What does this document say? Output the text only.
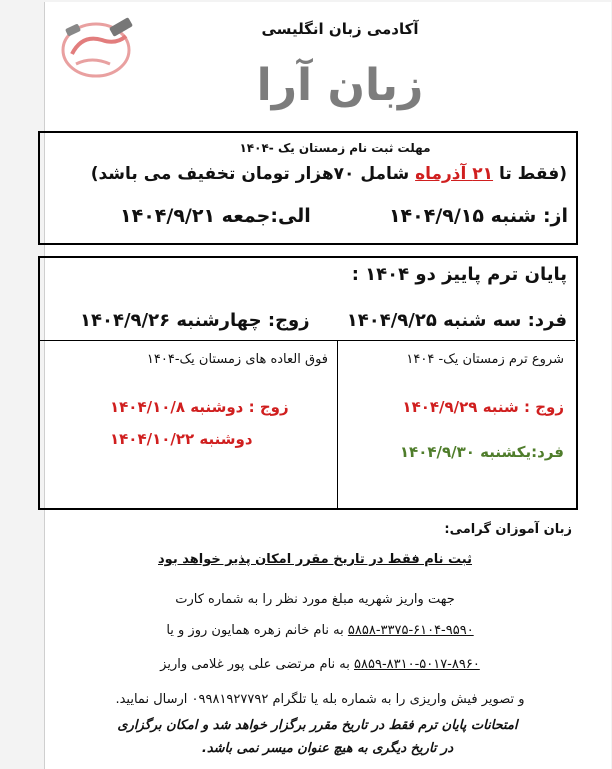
آکادمی زبان انگلیسی
زبان آرا
مهلت ثبت نام زمستان یک -۱۴۰۴
(فقط تا ۲۱ آذرماه شامل ۷۰هزار تومان تخفیف می باشد)
از: شنبه ۱۴۰۴/۹/۱۵
الی:جمعه ۱۴۰۴/۹/۲۱
پایان ترم پاییز دو ۱۴۰۴ :
فرد: سه شنبه ۱۴۰۴/۹/۲۵
زوج: چهارشنبه ۱۴۰۴/۹/۲۶
شروع ترم زمستان یک- ۱۴۰۴
زوج : شنبه ۱۴۰۴/۹/۲۹
فرد:یکشنبه ۱۴۰۴/۹/۳۰
فوق العاده های زمستان یک-۱۴۰۴
زوج : دوشنبه ۱۴۰۴/۱۰/۸
دوشنبه ۱۴۰۴/۱۰/۲۲
زبان آموزان گرامی:
ثبت نام فقط در تاریخ مقرر امکان پذیر خواهد بود
جهت واریز شهریه مبلغ مورد نظر را به شماره کارت
۵۸۵۸-۳۳۷۵-۶۱۰۴-۹۵۹۰ به نام خانم زهره همایون روز و یا
۵۸۵۹-۸۳۱۰-۵۰۱۷-۸۹۶۰ به نام مرتضی علی پور غلامی واریز
و تصویر فیش واریزی را به شماره بله یا تلگرام ۰۹۹۸۱۹۲۷۷۹۲ ارسال نمایید.
امتحانات پایان ترم فقط در تاریخ مقرر برگزار خواهد شد و امکان برگزاری
در تاریخ دیگری به هیچ عنوان میسر نمی باشد.
